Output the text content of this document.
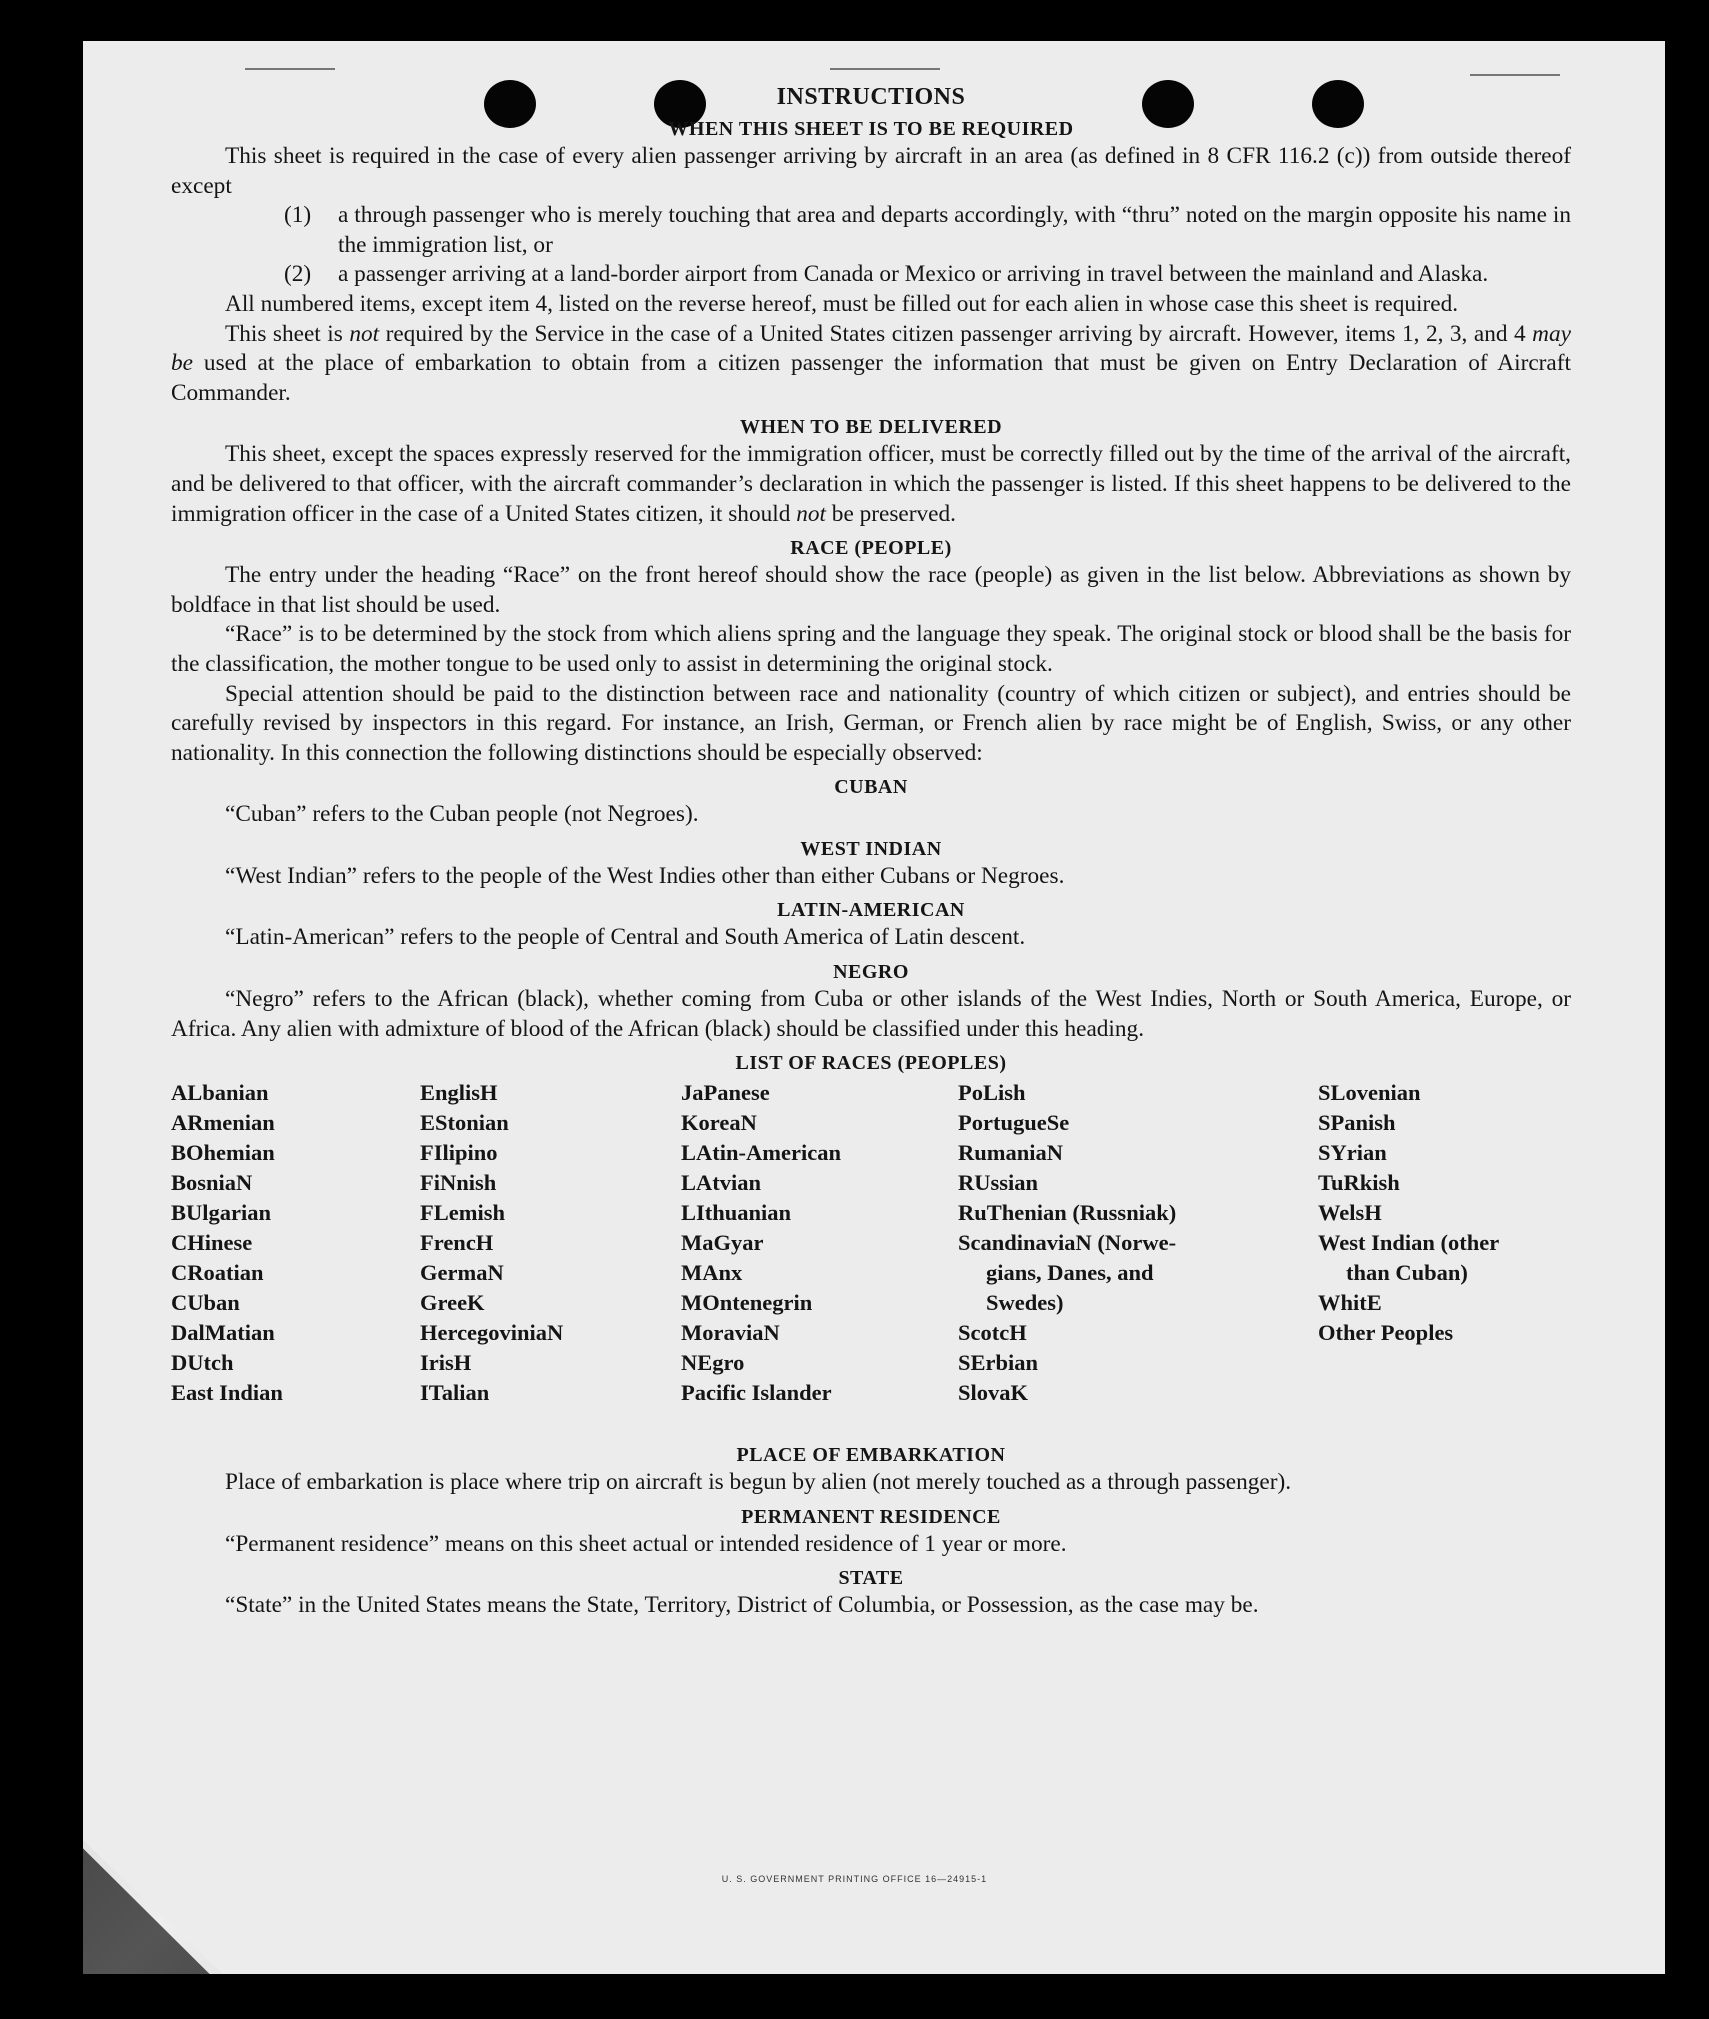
INSTRUCTIONS
WHEN THIS SHEET IS TO BE REQUIRED
This sheet is required in the case of every alien passenger arriving by aircraft in an area (as defined in 8 CFR 116.2 (c)) from outside thereof except
(1)	a through passenger who is merely touching that area and departs accordingly, with “thru” noted on the margin opposite his name in the immigration list, or
(2)	a passenger arriving at a land-border airport from Canada or Mexico or arriving in travel between the mainland and Alaska.
All numbered items, except item 4, listed on the reverse hereof, must be filled out for each alien in whose case this sheet is required.
This sheet is not required by the Service in the case of a United States citizen passenger arriving by aircraft. However, items 1, 2, 3, and 4 may be used at the place of embarkation to obtain from a citizen passenger the information that must be given on Entry Declaration of Aircraft Commander.
WHEN TO BE DELIVERED
This sheet, except the spaces expressly reserved for the immigration officer, must be correctly filled out by the time of the arrival of the aircraft, and be delivered to that officer, with the aircraft commander’s declaration in which the passenger is listed. If this sheet happens to be delivered to the immigration officer in the case of a United States citizen, it should not be preserved.
RACE (PEOPLE)
The entry under the heading “Race” on the front hereof should show the race (people) as given in the list below. Abbreviations as shown by boldface in that list should be used.
“Race” is to be determined by the stock from which aliens spring and the language they speak. The original stock or blood shall be the basis for the classification, the mother tongue to be used only to assist in determining the original stock.
Special attention should be paid to the distinction between race and nationality (country of which citizen or subject), and entries should be carefully revised by inspectors in this regard. For instance, an Irish, German, or French alien by race might be of English, Swiss, or any other nationality. In this connection the following distinctions should be especially observed:
CUBAN
“Cuban” refers to the Cuban people (not Negroes).
WEST INDIAN
“West Indian” refers to the people of the West Indies other than either Cubans or Negroes.
LATIN-AMERICAN
“Latin-American” refers to the people of Central and South America of Latin descent.
NEGRO
“Negro” refers to the African (black), whether coming from Cuba or other islands of the West Indies, North or South America, Europe, or Africa. Any alien with admixture of blood of the African (black) should be classified under this heading.
LIST OF RACES (PEOPLES)
ALbanian
ARmenian
BOhemian
BosniaN
BUlgarian
CHinese
CRoatian
CUban
DalMatian
DUtch
East Indian
EnglisH
EStonian
FIlipino
FiNnish
FLemish
FrencH
GermaN
GreeK
HercegoviniaN
IrisH
ITalian
JaPanese
KoreaN
LAtin-American
LAtvian
LIthuanian
MaGyar
MAnx
MOntenegrin
MoraviaN
NEgro
Pacific Islander
PoLish
PortugueSe
RumaniaN
RUssian
RuThenian (Russniak)
ScandinaviaN (Norwe-
gians, Danes, and
Swedes)
ScotcH
SErbian
SlovaK
SLovenian
SPanish
SYrian
TuRkish
WelsH
West Indian (other
than Cuban)
WhitE
Other Peoples
PLACE OF EMBARKATION
Place of embarkation is place where trip on aircraft is begun by alien (not merely touched as a through passenger).
PERMANENT RESIDENCE
“Permanent residence” means on this sheet actual or intended residence of 1 year or more.
STATE
“State” in the United States means the State, Territory, District of Columbia, or Possession, as the case may be.
U. S. GOVERNMENT PRINTING OFFICE 16—24915-1
